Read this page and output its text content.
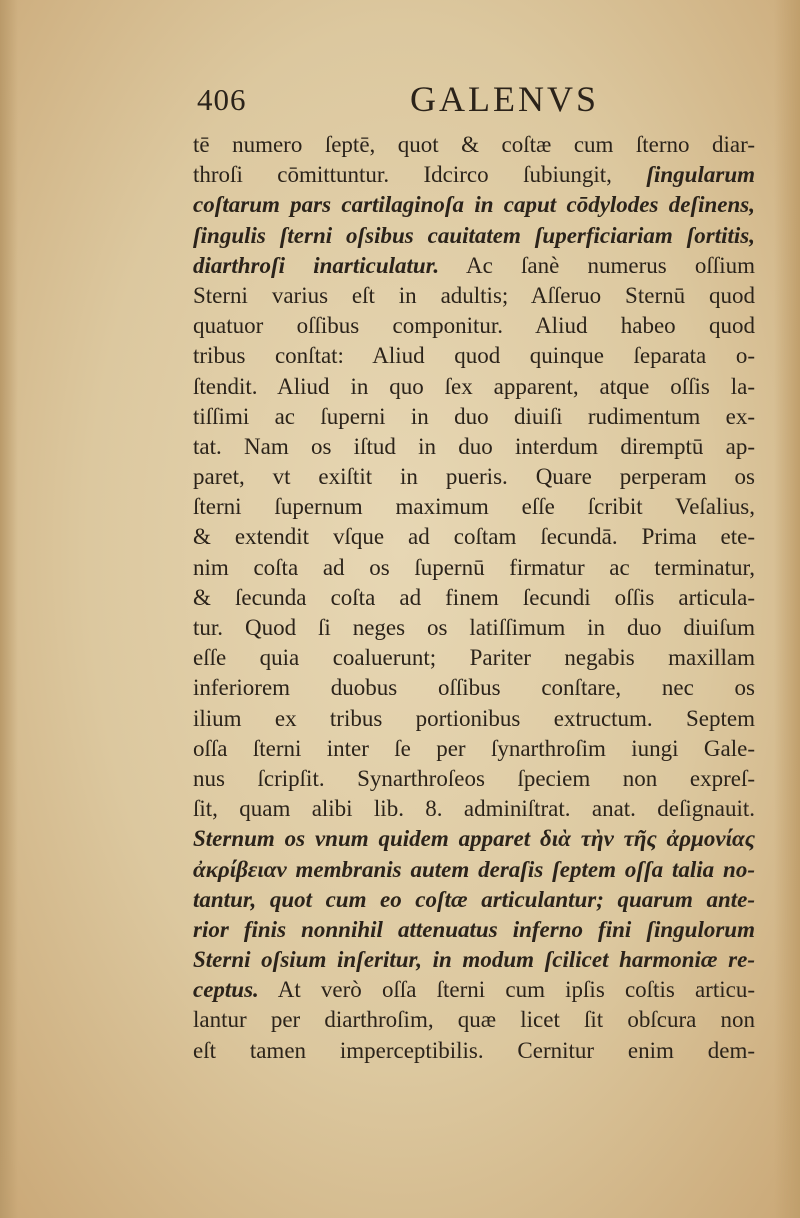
406	GALENVS
tē numero ſeptē, quot & coſtæ cum ſterno diar-
throſi cōmittuntur. Idcirco ſubiungit, ſingularum
coſtarum pars cartilaginoſa in caput cōdylodes deſinens,
ſingulis ſterni oſsibus cauitatem ſuperficiariam ſortitis,
diarthroſi inarticulatur. Ac ſanè numerus oſſium
Sterni varius eſt in adultis; Aſſeruo Sternū quod
quatuor oſſibus componitur. Aliud habeo quod
tribus conſtat: Aliud quod quinque ſeparata o-
ſtendit. Aliud in quo ſex apparent, atque oſſis la-
tiſſimi ac ſuperni in duo diuiſi rudimentum ex-
tat. Nam os iſtud in duo interdum diremptū ap-
paret, vt exiſtit in pueris. Quare perperam os
ſterni ſupernum maximum eſſe ſcribit Veſalius,
& extendit vſque ad coſtam ſecundā. Prima ete-
nim coſta ad os ſupernū firmatur ac terminatur,
& ſecunda coſta ad finem ſecundi oſſis articula-
tur. Quod ſi neges os latiſſimum in duo diuiſum
eſſe quia coaluerunt; Pariter negabis maxillam
inferiorem duobus oſſibus conſtare, nec os
ilium ex tribus portionibus extructum. Septem
oſſa ſterni inter ſe per ſynarthroſim iungi Gale-
nus ſcripſit. Synarthroſeos ſpeciem non expreſ-
ſit, quam alibi lib. 8. adminiſtrat. anat. deſignauit.
Sternum os vnum quidem apparet διὰ τὴν τῆς ἀρμονίας
ἀκρίβειαν membranis autem deraſis ſeptem oſſa talia no-
tantur, quot cum eo coſtæ articulantur; quarum ante-
rior finis nonnihil attenuatus inferno fini ſingulorum
Sterni oſsium inſeritur, in modum ſcilicet harmoniæ re-
ceptus. At verò oſſa ſterni cum ipſis coſtis articu-
lantur per diarthroſim, quæ licet ſit obſcura non
eſt tamen imperceptibilis. Cernitur enim dem-
